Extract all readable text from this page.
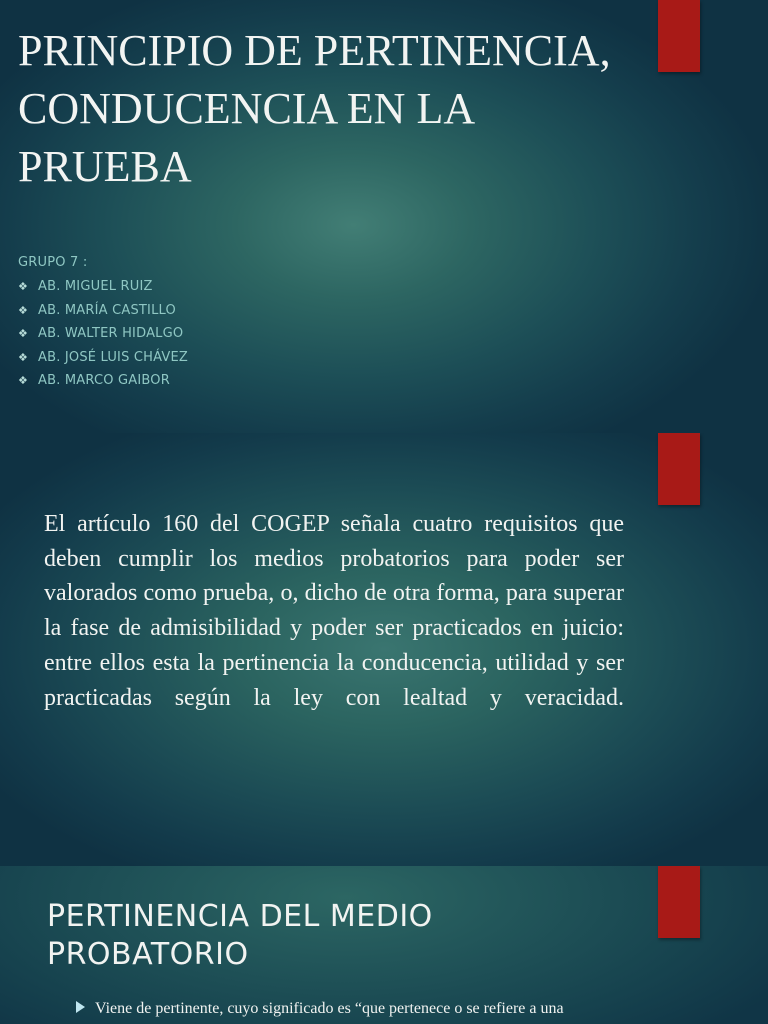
PRINCIPIO DE PERTINENCIA, CONDUCENCIA EN LA PRUEBA
GRUPO 7 :
❖ AB. MIGUEL RUIZ
❖ AB. MARÍA CASTILLO
❖ AB. WALTER HIDALGO
❖ AB. JOSÉ LUIS CHÁVEZ
❖ AB. MARCO GAIBOR

El artículo 160 del COGEP señala cuatro requisitos que deben cumplir los medios probatorios para poder ser valorados como prueba, o, dicho de otra forma, para superar la fase de admisibilidad y poder ser practicados en juicio: entre ellos esta la pertinencia la conducencia, utilidad y ser practicadas según la ley con lealtad y veracidad.

PERTINENCIA DEL MEDIO PROBATORIO
Viene de pertinente, cuyo significado es “que pertenece o se refiere a una
